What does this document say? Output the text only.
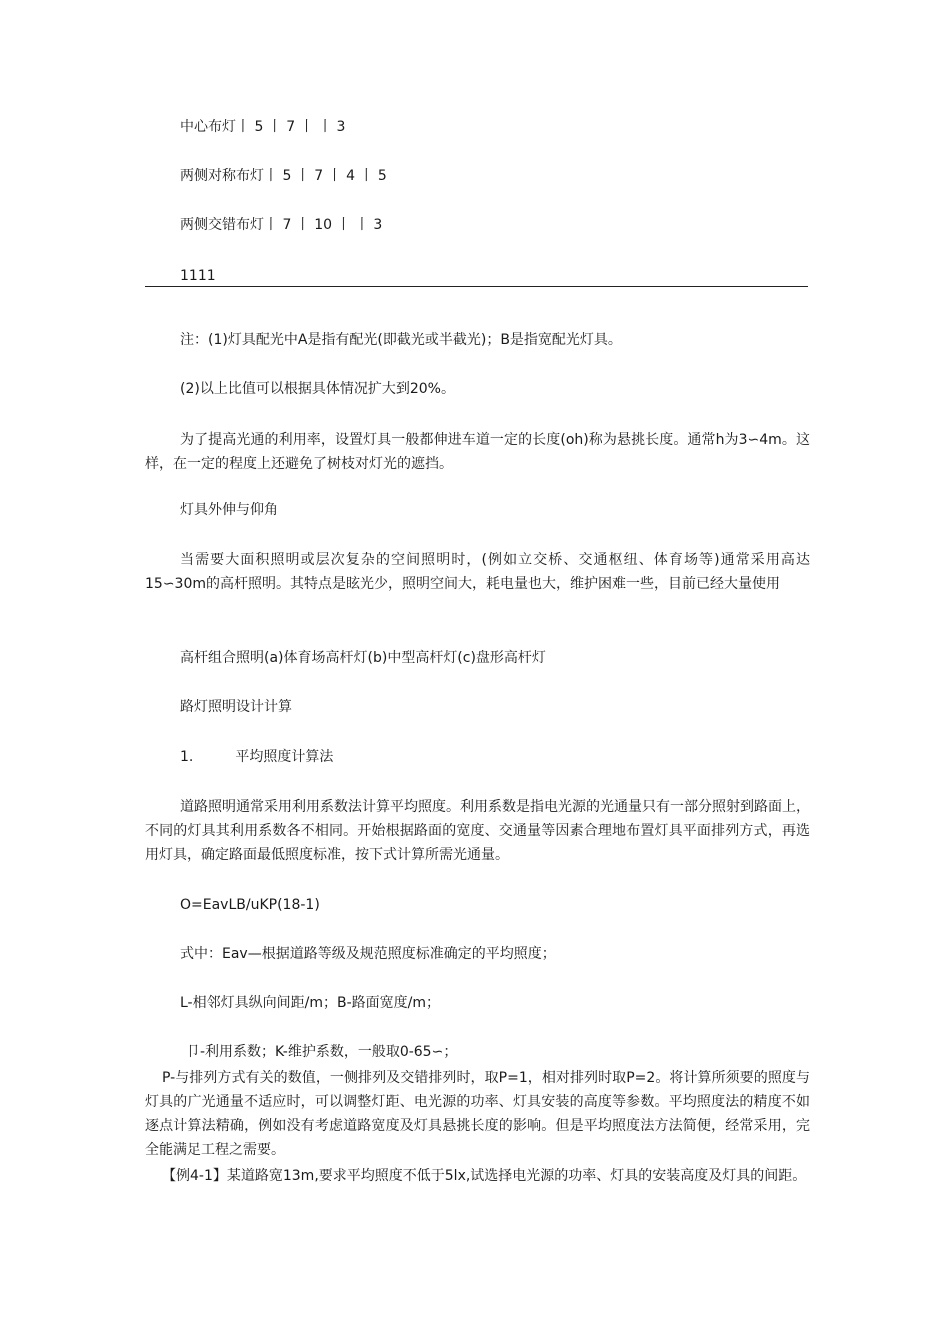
中心布灯丨 5 丨 7 丨 丨 3
两侧对称布灯丨 5 丨 7 丨 4 丨 5
两侧交错布灯丨 7 丨 10 丨 丨 3
1111
注：(1)灯具配光中A是指有配光(即截光或半截光)；B是指宽配光灯具。
(2)以上比值可以根据具体情况扩大到20%。
为了提高光通的利用率，设置灯具一般都伸进车道一定的长度(oh)称为悬挑长度。通常h为3∽4m。这样，在一定的程度上还避免了树枝对灯光的遮挡。
灯具外伸与仰角
当需要大面积照明或层次复杂的空间照明时，(例如立交桥、交通枢纽、体育场等)通常采用高达15∽30m的高杆照明。其特点是眩光少，照明空间大，耗电量也大，维护困难一些，目前已经大量使用
高杆组合照明(a)体育场高杆灯(b)中型高杆灯(c)盘形高杆灯
路灯照明设计计算
1.	平均照度计算法
道路照明通常采用利用系数法计算平均照度。利用系数是指电光源的光通量只有一部分照射到路面上，不同的灯具其利用系数各不相同。开始根据路面的宽度、交通量等因素合理地布置灯具平面排列方式，再选用灯具，确定路面最低照度标准，按下式计算所需光通量。
O=EavLB/uKP(18-1)
式中：Eav—根据道路等级及规范照度标准确定的平均照度；
L-相邻灯具纵向间距/m；B-路面宽度/m；
卩-利用系数；K-维护系数，一般取0-65∽；
P-与排列方式有关的数值，一侧排列及交错排列时，取P=1，相对排列时取P=2。将计算所须要的照度与灯具的广光通量不适应时，可以调整灯距、电光源的功率、灯具安装的高度等参数。平均照度法的精度不如逐点计算法精确，例如没有考虑道路宽度及灯具悬挑长度的影响。但是平均照度法方法简便，经常采用，完全能满足工程之需要。
【例4-1】某道路宽13m,要求平均照度不低于5lx,试选择电光源的功率、灯具的安装高度及灯具的间距。
